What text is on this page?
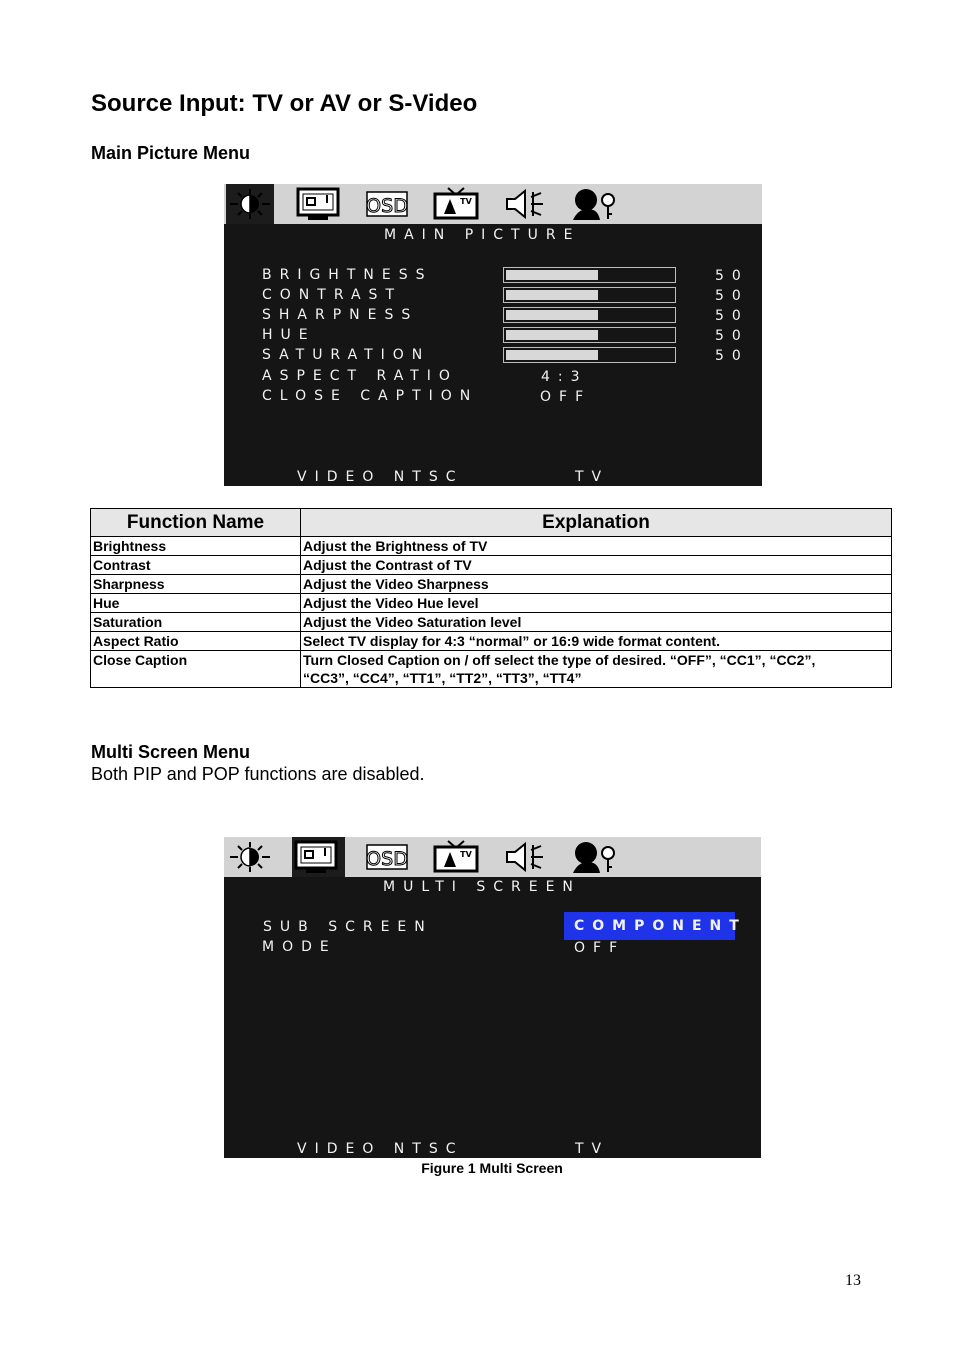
Source Input: TV or AV or S-Video
Main Picture Menu
OSD	TV
MAIN PICTURE
BRIGHTNESS	50
CONTRAST	50
SHARPNESS	50
HUE	50
SATURATION	50
ASPECT RATIO	4:3
CLOSE CAPTION	OFF
VIDEO NTSC	TV
Function Name	Explanation
Brightness	Adjust the Brightness of TV
Contrast	Adjust the Contrast of TV
Sharpness	Adjust the Video Sharpness
Hue	Adjust the Video Hue level
Saturation	Adjust the Video Saturation level
Aspect Ratio	Select TV display for 4:3 “normal” or 16:9 wide format content.
Close Caption	Turn Closed Caption on / off select the type of desired. “OFF”, “CC1”, “CC2”, “CC3”, “CC4”, “TT1”, “TT2”, “TT3”, “TT4”
Multi Screen Menu
Both PIP and POP functions are disabled.
OSD	TV
MULTI SCREEN
SUB SCREEN	COMPONENT
MODE	OFF
VIDEO NTSC	TV
Figure 1 Multi Screen
13
